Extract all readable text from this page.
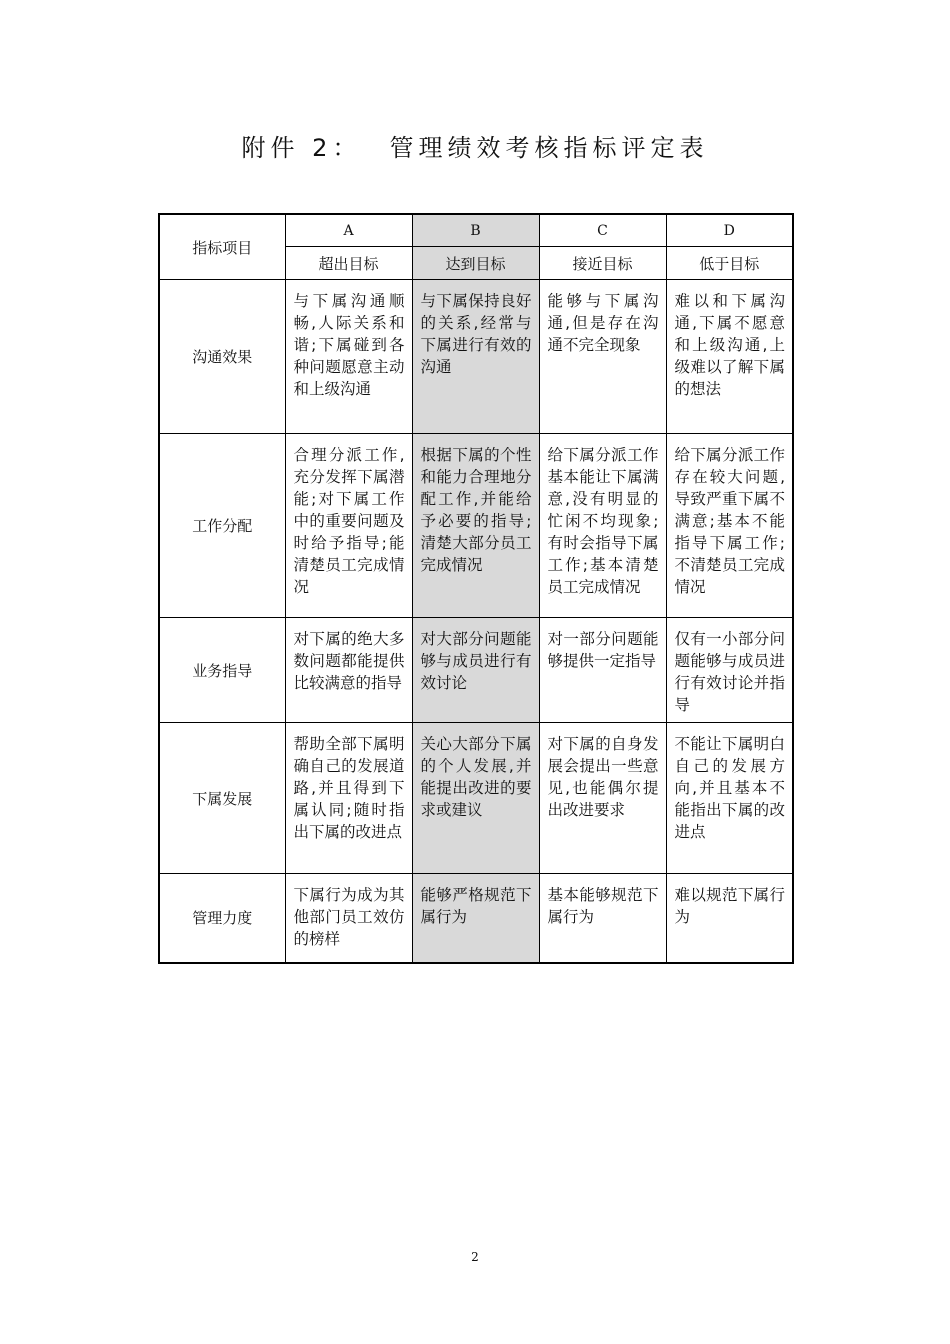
附件 2： 管理绩效考核指标评定表
指标项目	A	B	C	D
	超出目标	达到目标	接近目标	低于目标
沟通效果	与下属沟通顺畅,人际关系和谐;下属碰到各种问题愿意主动和上级沟通	与下属保持良好的关系,经常与下属进行有效的沟通	能够与下属沟通,但是存在沟通不完全现象	难以和下属沟通,下属不愿意和上级沟通,上级难以了解下属的想法
工作分配	合理分派工作,充分发挥下属潜能;对下属工作中的重要问题及时给予指导;能清楚员工完成情况	根据下属的个性和能力合理地分配工作,并能给予必要的指导;清楚大部分员工完成情况	给下属分派工作基本能让下属满意,没有明显的忙闲不均现象;有时会指导下属工作;基本清楚员工完成情况	给下属分派工作存在较大问题,导致严重下属不满意;基本不能指导下属工作;不清楚员工完成情况
业务指导	对下属的绝大多数问题都能提供比较满意的指导	对大部分问题能够与成员进行有效讨论	对一部分问题能够提供一定指导	仅有一小部分问题能够与成员进行有效讨论并指导
下属发展	帮助全部下属明确自己的发展道路,并且得到下属认同;随时指出下属的改进点	关心大部分下属的个人发展,并能提出改进的要求或建议	对下属的自身发展会提出一些意见,也能偶尔提出改进要求	不能让下属明白自己的发展方向,并且基本不能指出下属的改进点
管理力度	下属行为成为其他部门员工效仿的榜样	能够严格规范下属行为	基本能够规范下属行为	难以规范下属行为
2
